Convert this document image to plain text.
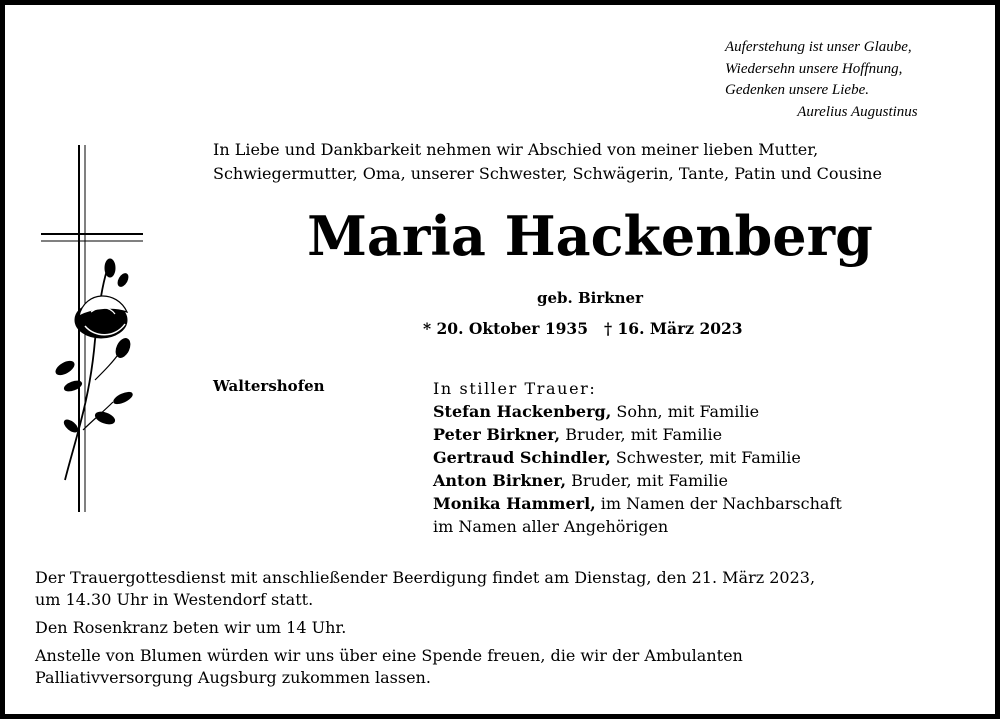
Auferstehung ist unser Glaube,
Wiedersehn unsere Hoffnung,
Gedenken unsere Liebe.
Aurelius Augustinus
In Liebe und Dankbarkeit nehmen wir Abschied von meiner lieben Mutter,
Schwiegermutter, Oma, unserer Schwester, Schwägerin, Tante, Patin und Cousine
Maria Hackenberg
geb. Birkner
* 20. Oktober 1935 † 16. März 2023
Waltershofen	In stiller Trauer:
Stefan Hackenberg, Sohn, mit Familie
Peter Birkner, Bruder, mit Familie
Gertraud Schindler, Schwester, mit Familie
Anton Birkner, Bruder, mit Familie
Monika Hammerl, im Namen der Nachbarschaft
im Namen aller Angehörigen

Der Trauergottesdienst mit anschließender Beerdigung findet am Dienstag, den 21. März 2023,
um 14.30 Uhr in Westendorf statt.

Den Rosenkranz beten wir um 14 Uhr.

Anstelle von Blumen würden wir uns über eine Spende freuen, die wir der Ambulanten
Palliativversorgung Augsburg zukommen lassen.
